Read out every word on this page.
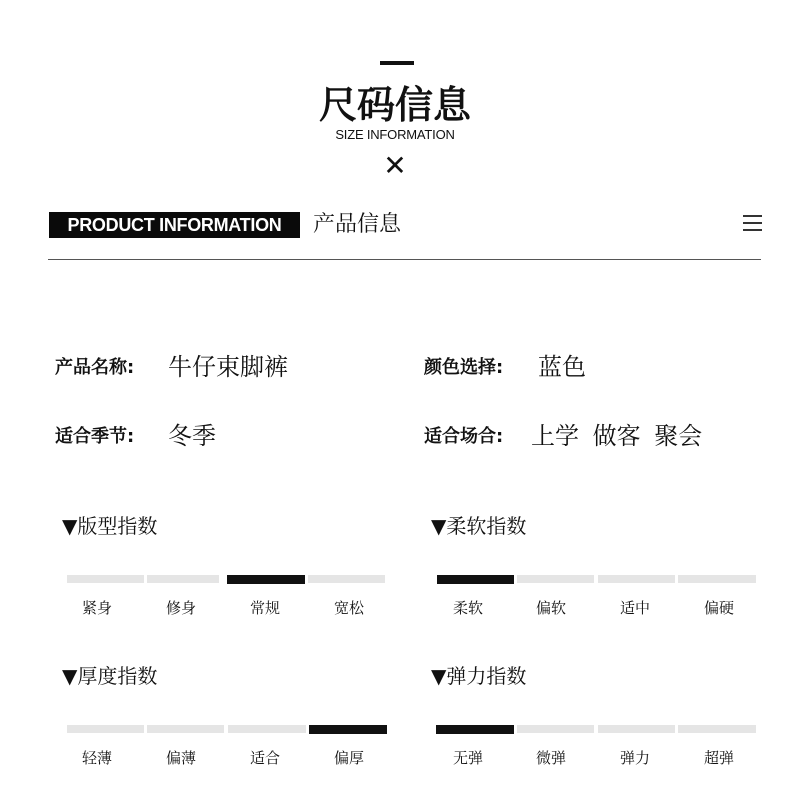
尺码信息
SIZE INFORMATION
✕
PRODUCT INFORMATION	产品信息
产品名称: 牛仔束脚裤	颜色选择: 蓝色
适合季节: 冬季	适合场合: 上学 做客 聚会
▼版型指数
紧身	修身	常规	宽松
▼柔软指数
柔软	偏软	适中	偏硬
▼厚度指数
轻薄	偏薄	适合	偏厚
▼弹力指数
无弹	微弹	弹力	超弹
